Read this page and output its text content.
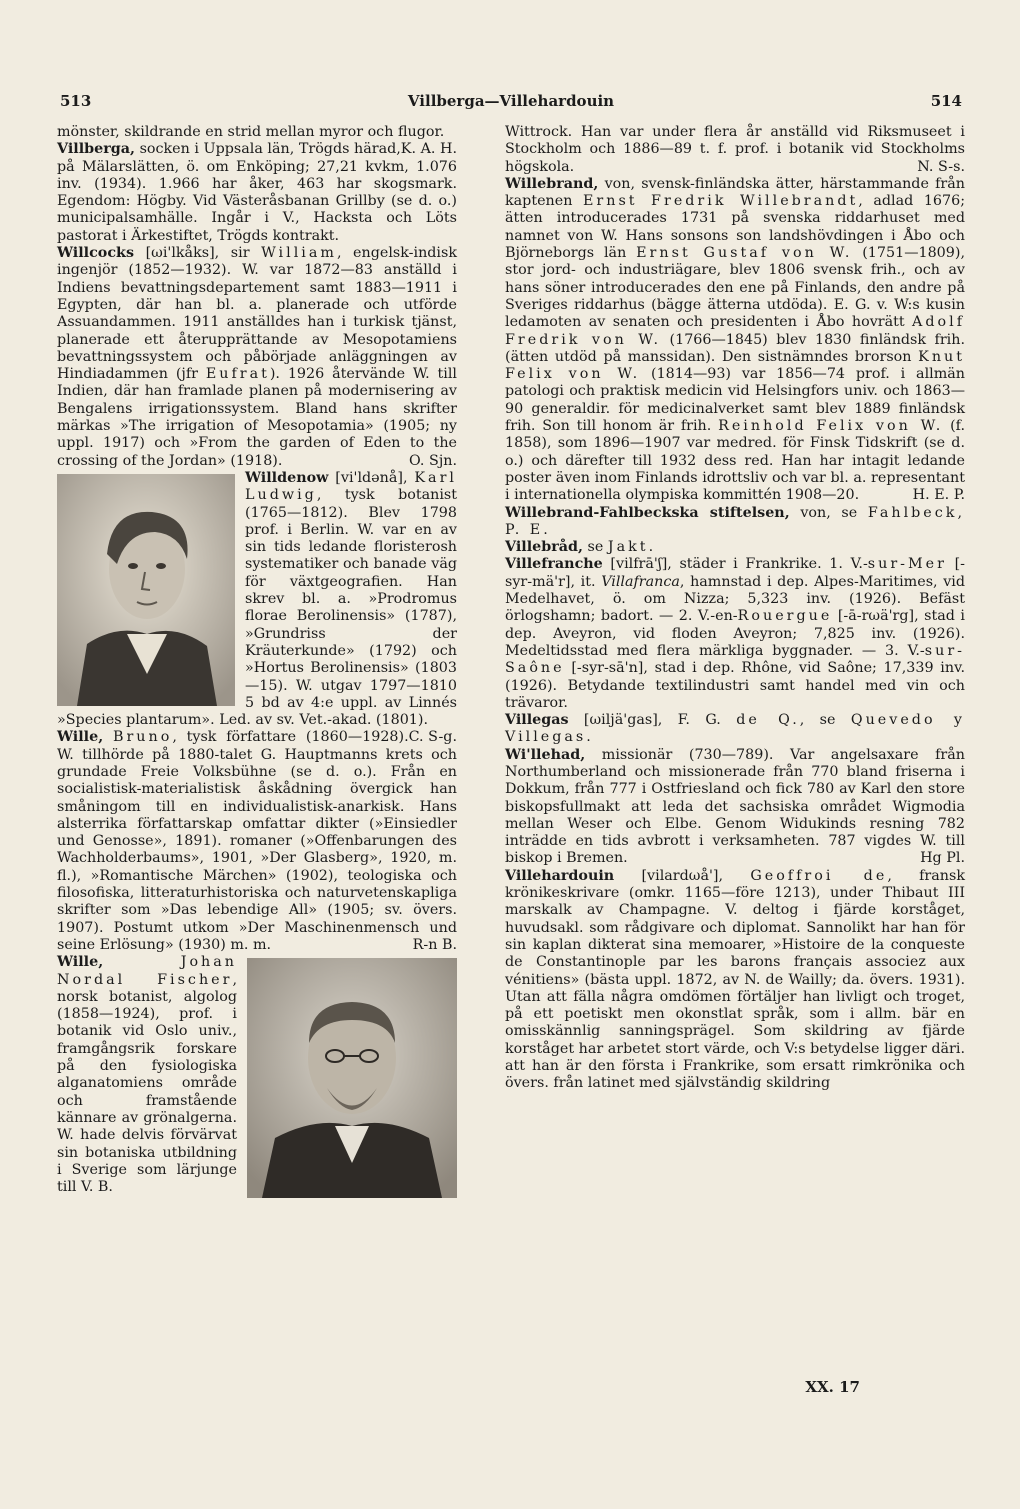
513	Villberga—Villehardouin	514

mönster, skildrande en strid mellan myror och flugor.
K. A. H.

Villberga, socken i Uppsala län, Trögds härad, på Mälarslätten, ö. om Enköping; 27,21 kvkm, 1.076 inv. (1934). 1.966 har åker, 463 har skogsmark. Egendom: Högby. Vid Västeråsbanan Grillby (se d. o.) municipalsamhälle. Ingår i V., Hacksta och Löts pastorat i Ärkestiftet, Trögds kontrakt.

Willcocks [ωi'lkåks], sir William, engelsk-indisk ingenjör (1852—1932). W. var 1872—83 anställd i Indiens bevattningsdepartement samt 1883—1911 i Egypten, där han bl. a. planerade och utförde Assuandammen. 1911 anställdes han i turkisk tjänst, planerade ett återupprättande av Mesopotamiens bevattningssystem och påbörjade anläggningen av Hindiadammen (jfr Eufrat). 1926 återvände W. till Indien, där han framlade planen på modernisering av Bengalens irrigationssystem. Bland hans skrifter märkas »The irrigation of Mesopotamia» (1905; ny uppl. 1917) och »From the garden of Eden to the crossing of the Jordan» (1918).	O. Sjn.

Willdenow [vi'ldənå], Karl Ludwig, tysk botanist (1765—1812). Blev 1798 prof. i Berlin. W. var en av sin tids ledande floristerosh systematiker och banade väg för växtgeografien. Han skrev bl. a. »Prodromus florae Berolinensis» (1787), »Grundriss der Kräuterkunde» (1792) och »Hortus Berolinensis» (1803—15). W. utgav 1797—1810 5 bd av 4:e uppl. av Linnés »Species plantarum». Led. av sv. Vet.-akad. (1801).
C. S-g.

Wille, Bruno, tysk författare (1860—1928). W. tillhörde på 1880-talet G. Hauptmanns krets och grundade Freie Volksbühne (se d. o.). Från en socialistisk-materialistisk åskådning övergick han småningom till en individualistisk-anarkisk. Hans alsterrika författarskap omfattar dikter (»Einsiedler und Genosse», 1891). romaner (»Offenbarungen des Wachholderbaums», 1901, »Der Glasberg», 1920, m. fl.), »Romantische Märchen» (1902), teologiska och filosofiska, litteraturhistoriska och naturvetenskapliga skrifter som »Das lebendige All» (1905; sv. övers. 1907). Postumt utkom »Der Maschinenmensch und seine Erlösung» (1930) m. m.	R-n B.

Wille,	Johan Nordal Fischer, norsk botanist, algolog (1858—1924), prof. i botanik vid Oslo univ., framgångsrik forskare på den fysiologiska alganatomiens område och framstående kännare av grönalgerna. W. hade delvis förvärvat sin botaniska utbildning i Sverige som lärjunge till V. B.

Wittrock. Han var under flera år anställd vid Riksmuseet i Stockholm och 1886—89 t. f. prof. i botanik vid Stockholms högskola.	N. S-s.

Willebrand, von, svensk-finländska ätter, härstammande från kaptenen Ernst Fredrik Willebrandt, adlad 1676; ätten introducerades 1731 på svenska riddarhuset med namnet von W. Hans sonsons son landshövdingen i Åbo och Björneborgs län Ernst Gustaf von W. (1751—1809), stor jord- och industriägare, blev 1806 svensk frih., och av hans söner introducerades den ene på Finlands, den andre på Sveriges riddarhus (bägge ätterna utdöda). E. G. v. W:s kusin ledamoten av senaten och presidenten i Åbo hovrätt Adolf Fredrik von W. (1766—1845) blev 1830 finländsk frih. (ätten utdöd på manssidan). Den sistnämndes brorson Knut Felix von W. (1814—93) var 1856—74 prof. i allmän patologi och praktisk medicin vid Helsingfors univ. och 1863—90 generaldir. för medicinalverket samt blev 1889 finländsk frih. Son till honom är frih. Reinhold Felix von W. (f. 1858), som 1896—1907 var medred. för Finsk Tidskrift (se d. o.) och därefter till 1932 dess red. Han har intagit ledande poster även inom Finlands idrottsliv och var bl. a. representant i internationella olympiska kommittén 1908—20.	H. E. P.

Willebrand-Fahlbeckska stiftelsen, von, se Fahlbeck, P. E.

Villebråd, se Jakt.

Villefranche [vilfrā'ʃ], städer i Frankrike. 1. V.-sur-Mer [-syr-mä'r], it. Villafranca, hamnstad i dep. Alpes-Maritimes, vid Medelhavet, ö. om Nizza; 5,323 inv. (1926). Befäst örlogshamn; badort. — 2. V.-en-Rouergue [-ā-rωä'rg], stad i dep. Aveyron, vid floden Aveyron; 7,825 inv. (1926). Medeltidsstad med flera märkliga byggnader. — 3. V.-sur-Saône [-syr-sā'n], stad i dep. Rhône, vid Saône; 17,339 inv. (1926). Betydande textilindustri samt handel med vin och trävaror.

Villegas [ωiljä'gas], F. G. de Q., se Quevedo y Villegas.

Wi'llehad, missionär (730—789). Var angelsaxare från Northumberland och missionerade från 770 bland friserna i Dokkum, från 777 i Ostfriesland och fick 780 av Karl den store biskopsfullmakt att leda det sachsiska området Wigmodia mellan Weser och Elbe. Genom Widukinds resning 782 inträdde en tids avbrott i verksamheten. 787 vigdes W. till biskop i Bremen.	Hg Pl.

Villehardouin [vilardωå'], Geoffroi de, fransk krönikeskrivare (omkr. 1165—före 1213), under Thibaut III marskalk av Champagne. V. deltog i fjärde korståget, huvudsakl. som rådgivare och diplomat. Sannolikt har han för sin kaplan dikterat sina memoarer, »Histoire de la conqueste de Constantinople par les barons français associez aux vénitiens» (bästa uppl. 1872, av N. de Wailly; da. övers. 1931). Utan att fälla några omdömen förtäljer han livligt och troget, på ett poetiskt men okonstlat språk, som i allm. bär en omisskännlig sanningsprägel. Som skildring av fjärde korståget har arbetet stort värde, och V:s betydelse ligger däri. att han är den första i Frankrike, som ersatt rimkrönika och övers. från latinet med självständig skildring

XX. 17
